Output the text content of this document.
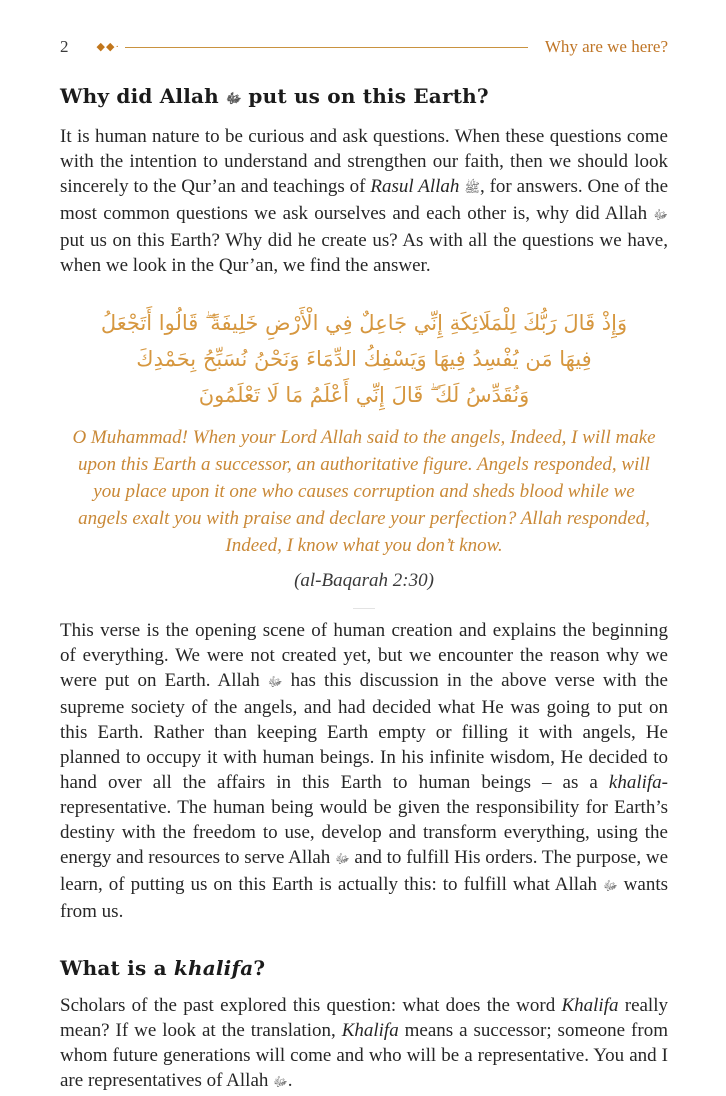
2	◆◆·	Why are we here?
Why did Allah ﷻ put us on this Earth?

It is human nature to be curious and ask questions. When these questions come with the intention to understand and strengthen our faith, then we should look sincerely to the Qur’an and teachings of Rasul Allah ﷺ, for answers. One of the most common questions we ask ourselves and each other is, why did Allah ﷻ put us on this Earth? Why did he create us? As with all the questions we have, when we look in the Qur’an, we find the answer.

وَإِذْ قَالَ رَبُّكَ لِلْمَلَائِكَةِ إِنِّي جَاعِلٌ فِي الْأَرْضِ خَلِيفَةً ۖ قَالُوا أَتَجْعَلُ
فِيهَا مَن يُفْسِدُ فِيهَا وَيَسْفِكُ الدِّمَاءَ وَنَحْنُ نُسَبِّحُ بِحَمْدِكَ
وَنُقَدِّسُ لَكَ ۖ قَالَ إِنِّي أَعْلَمُ مَا لَا تَعْلَمُونَ
O Muhammad! When your Lord Allah said to the angels, Indeed, I will make upon this Earth a successor, an authoritative figure. Angels responded, will you place upon it one who causes corruption and sheds blood while we angels exalt you with praise and declare your perfection? Allah responded, Indeed, I know what you don’t know.
(al-Baqarah 2:30)

This verse is the opening scene of human creation and explains the beginning of everything. We were not created yet, but we encounter the reason why we were put on Earth. Allah ﷻ has this discussion in the above verse with the supreme society of the angels, and had decided what He was going to put on this Earth. Rather than keeping Earth empty or filling it with angels, He planned to occupy it with human beings. In his infinite wisdom, He decided to hand over all the affairs in this Earth to human beings – as a khalifa-representative. The human being would be given the responsibility for Earth’s destiny with the freedom to use, develop and transform everything, using the energy and resources to serve Allah ﷻ and to fulfill His orders. The purpose, we learn, of putting us on this Earth is actually this: to fulfill what Allah ﷻ wants from us.

What is a khalifa?

Scholars of the past explored this question: what does the word Khalifa really mean? If we look at the translation, Khalifa means a successor; someone from whom future generations will come and who will be a representative. You and I are representatives of Allah ﷻ.
